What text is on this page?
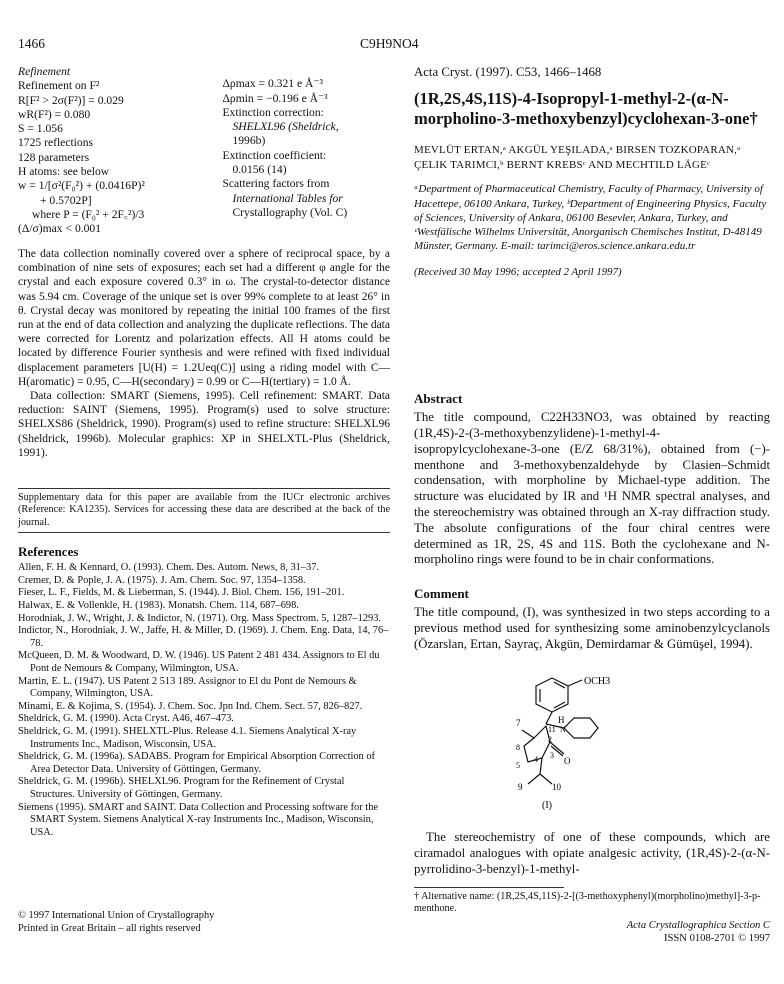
1466	C9H9NO4
Refinement
Refinement on F²
R[F² > 2σ(F²)] = 0.029
wR(F²) = 0.080
S = 1.056
1725 reflections
128 parameters
H atoms: see below
w = 1/[σ²(F₀²) + (0.0416P)²
+ 0.5702P]
where P = (F₀² + 2F꜀²)/3
(Δ/σ)max < 0.001
Δρmax = 0.321 e Å⁻³
Δρmin = −0.196 e Å⁻³
Extinction correction:
SHELXL96 (Sheldrick,
1996b)
Extinction coefficient:
0.0156 (14)
Scattering factors from
International Tables for
Crystallography (Vol. C)

The data collection nominally covered over a sphere of reciprocal space, by a combination of nine sets of exposures; each set had a different φ angle for the crystal and each exposure covered 0.3° in ω. The crystal-to-detector distance was 5.94 cm. Coverage of the unique set is over 99% complete to at least 26° in θ. Crystal decay was monitored by repeating the initial 100 frames of the first run at the end of data collection and analyzing the duplicate reflections. The data were corrected for Lorentz and polarization effects. All H atoms could be located by difference Fourier synthesis and were refined with fixed individual displacement parameters [U(H) = 1.2Ueq(C)] using a riding model with C—H(aromatic) = 0.95, C—H(secondary) = 0.99 or C—H(tertiary) = 1.0 Å.

Data collection: SMART (Siemens, 1995). Cell refinement: SMART. Data reduction: SAINT (Siemens, 1995). Program(s) used to solve structure: SHELXS86 (Sheldrick, 1990). Program(s) used to refine structure: SHELXL96 (Sheldrick, 1996b). Molecular graphics: XP in SHELXTL-Plus (Sheldrick, 1991).

Supplementary data for this paper are available from the IUCr electronic archives (Reference: KA1235). Services for accessing these data are described at the back of the journal.

References

Allen, F. H. & Kennard, O. (1993). Chem. Des. Autom. News, 8, 31–37.

Cremer, D. & Pople, J. A. (1975). J. Am. Chem. Soc. 97, 1354–1358.

Fieser, L. F., Fields, M. & Lieberman, S. (1944). J. Biol. Chem. 156, 191–201.

Halwax, E. & Vollenkle, H. (1983). Monatsh. Chem. 114, 687–698.

Horodniak, J. W., Wright, J. & Indictor, N. (1971). Org. Mass Spectrom. 5, 1287–1293.

Indictor, N., Horodniak, J. W., Jaffe, H. & Miller, D. (1969). J. Chem. Eng. Data, 14, 76–78.

McQueen, D. M. & Woodward, D. W. (1946). US Patent 2 481 434. Assignors to El du Pont de Nemours & Company, Wilmington, USA.

Martin, E. L. (1947). US Patent 2 513 189. Assignor to El du Pont de Nemours & Company, Wilmington, USA.

Minami, E. & Kojima, S. (1954). J. Chem. Soc. Jpn Ind. Chem. Sect. 57, 826–827.

Sheldrick, G. M. (1990). Acta Cryst. A46, 467–473.

Sheldrick, G. M. (1991). SHELXTL-Plus. Release 4.1. Siemens Analytical X-ray Instruments Inc., Madison, Wisconsin, USA.

Sheldrick, G. M. (1996a). SADABS. Program for Empirical Absorption Correction of Area Detector Data. University of Göttingen, Germany.

Sheldrick, G. M. (1996b). SHELXL96. Program for the Refinement of Crystal Structures. University of Göttingen, Germany.

Siemens (1995). SMART and SAINT. Data Collection and Processing software for the SMART System. Siemens Analytical X-ray Instruments Inc., Madison, Wisconsin, USA.

© 1997 International Union of Crystallography
Printed in Great Britain – all rights reserved
Acta Cryst. (1997). C53, 1466–1468
(1R,2S,4S,11S)-4-Isopropyl-1-methyl-2-(α-N-morpholino-3-methoxybenzyl)cyclohexan-3-one†
MEVLÜT ERTAN,ᵃ AKGÜL YEŞILADA,ᵃ BIRSEN TOZKOPARAN,ᵃ ÇELIK TARIMCI,ᵇ BERNT KREBSᶜ AND MECHTILD LÄGEᶜ
ᵃDepartment of Pharmaceutical Chemistry, Faculty of Pharmacy, University of Hacettepe, 06100 Ankara, Turkey, ᵇDepartment of Engineering Physics, Faculty of Sciences, University of Ankara, 06100 Besevler, Ankara, Turkey, and ᶜWestfälische Wilhelms Universität, Anorganisch Chemisches Institut, D-48149 Münster, Germany. E-mail: tarimci@eros.science.ankara.edu.tr
(Received 30 May 1996; accepted 2 April 1997)
Abstract

The title compound, C22H33NO3, was obtained by reacting (1R,4S)-2-(3-methoxybenzylidene)-1-methyl-4-isopropylcyclohexane-3-one (E/Z 68/31%), obtained from (−)-menthone and 3-methoxybenzaldehyde by Clasien–Schmidt condensation, with morpholine by Michael-type addition. The structure was elucidated by IR and ¹H NMR spectral analyses, and the stereochemistry was obtained through an X-ray diffraction study. The absolute configurations of the four chiral centres were determined as 1R, 2S, 4S and 11S. Both the cyclohexane and N-morpholino rings were found to be in chair conformations.

Comment

The title compound, (I), was synthesized in two steps according to a previous method used for synthesizing some aminobenzylcyclanols (Özarslan, Ertan, Sayraç, Akgün, Demirdamar & Gümüşel, 1994).

OCH3
7
11
H
8
2
5
4 3
O
N
9	10
(I)

The stereochemistry of one of these compounds, which are ciramadol analogues with opiate analgesic activity, (1R,4S)-2-(α-N-pyrrolidino-3-benzyl)-1-methyl-

† Alternative name: (1R,2S,4S,11S)-2-[(3-methoxyphenyl)(morpholino)methyl]-3-p-menthone.
Acta Crystallographica Section C
ISSN 0108-2701 © 1997
